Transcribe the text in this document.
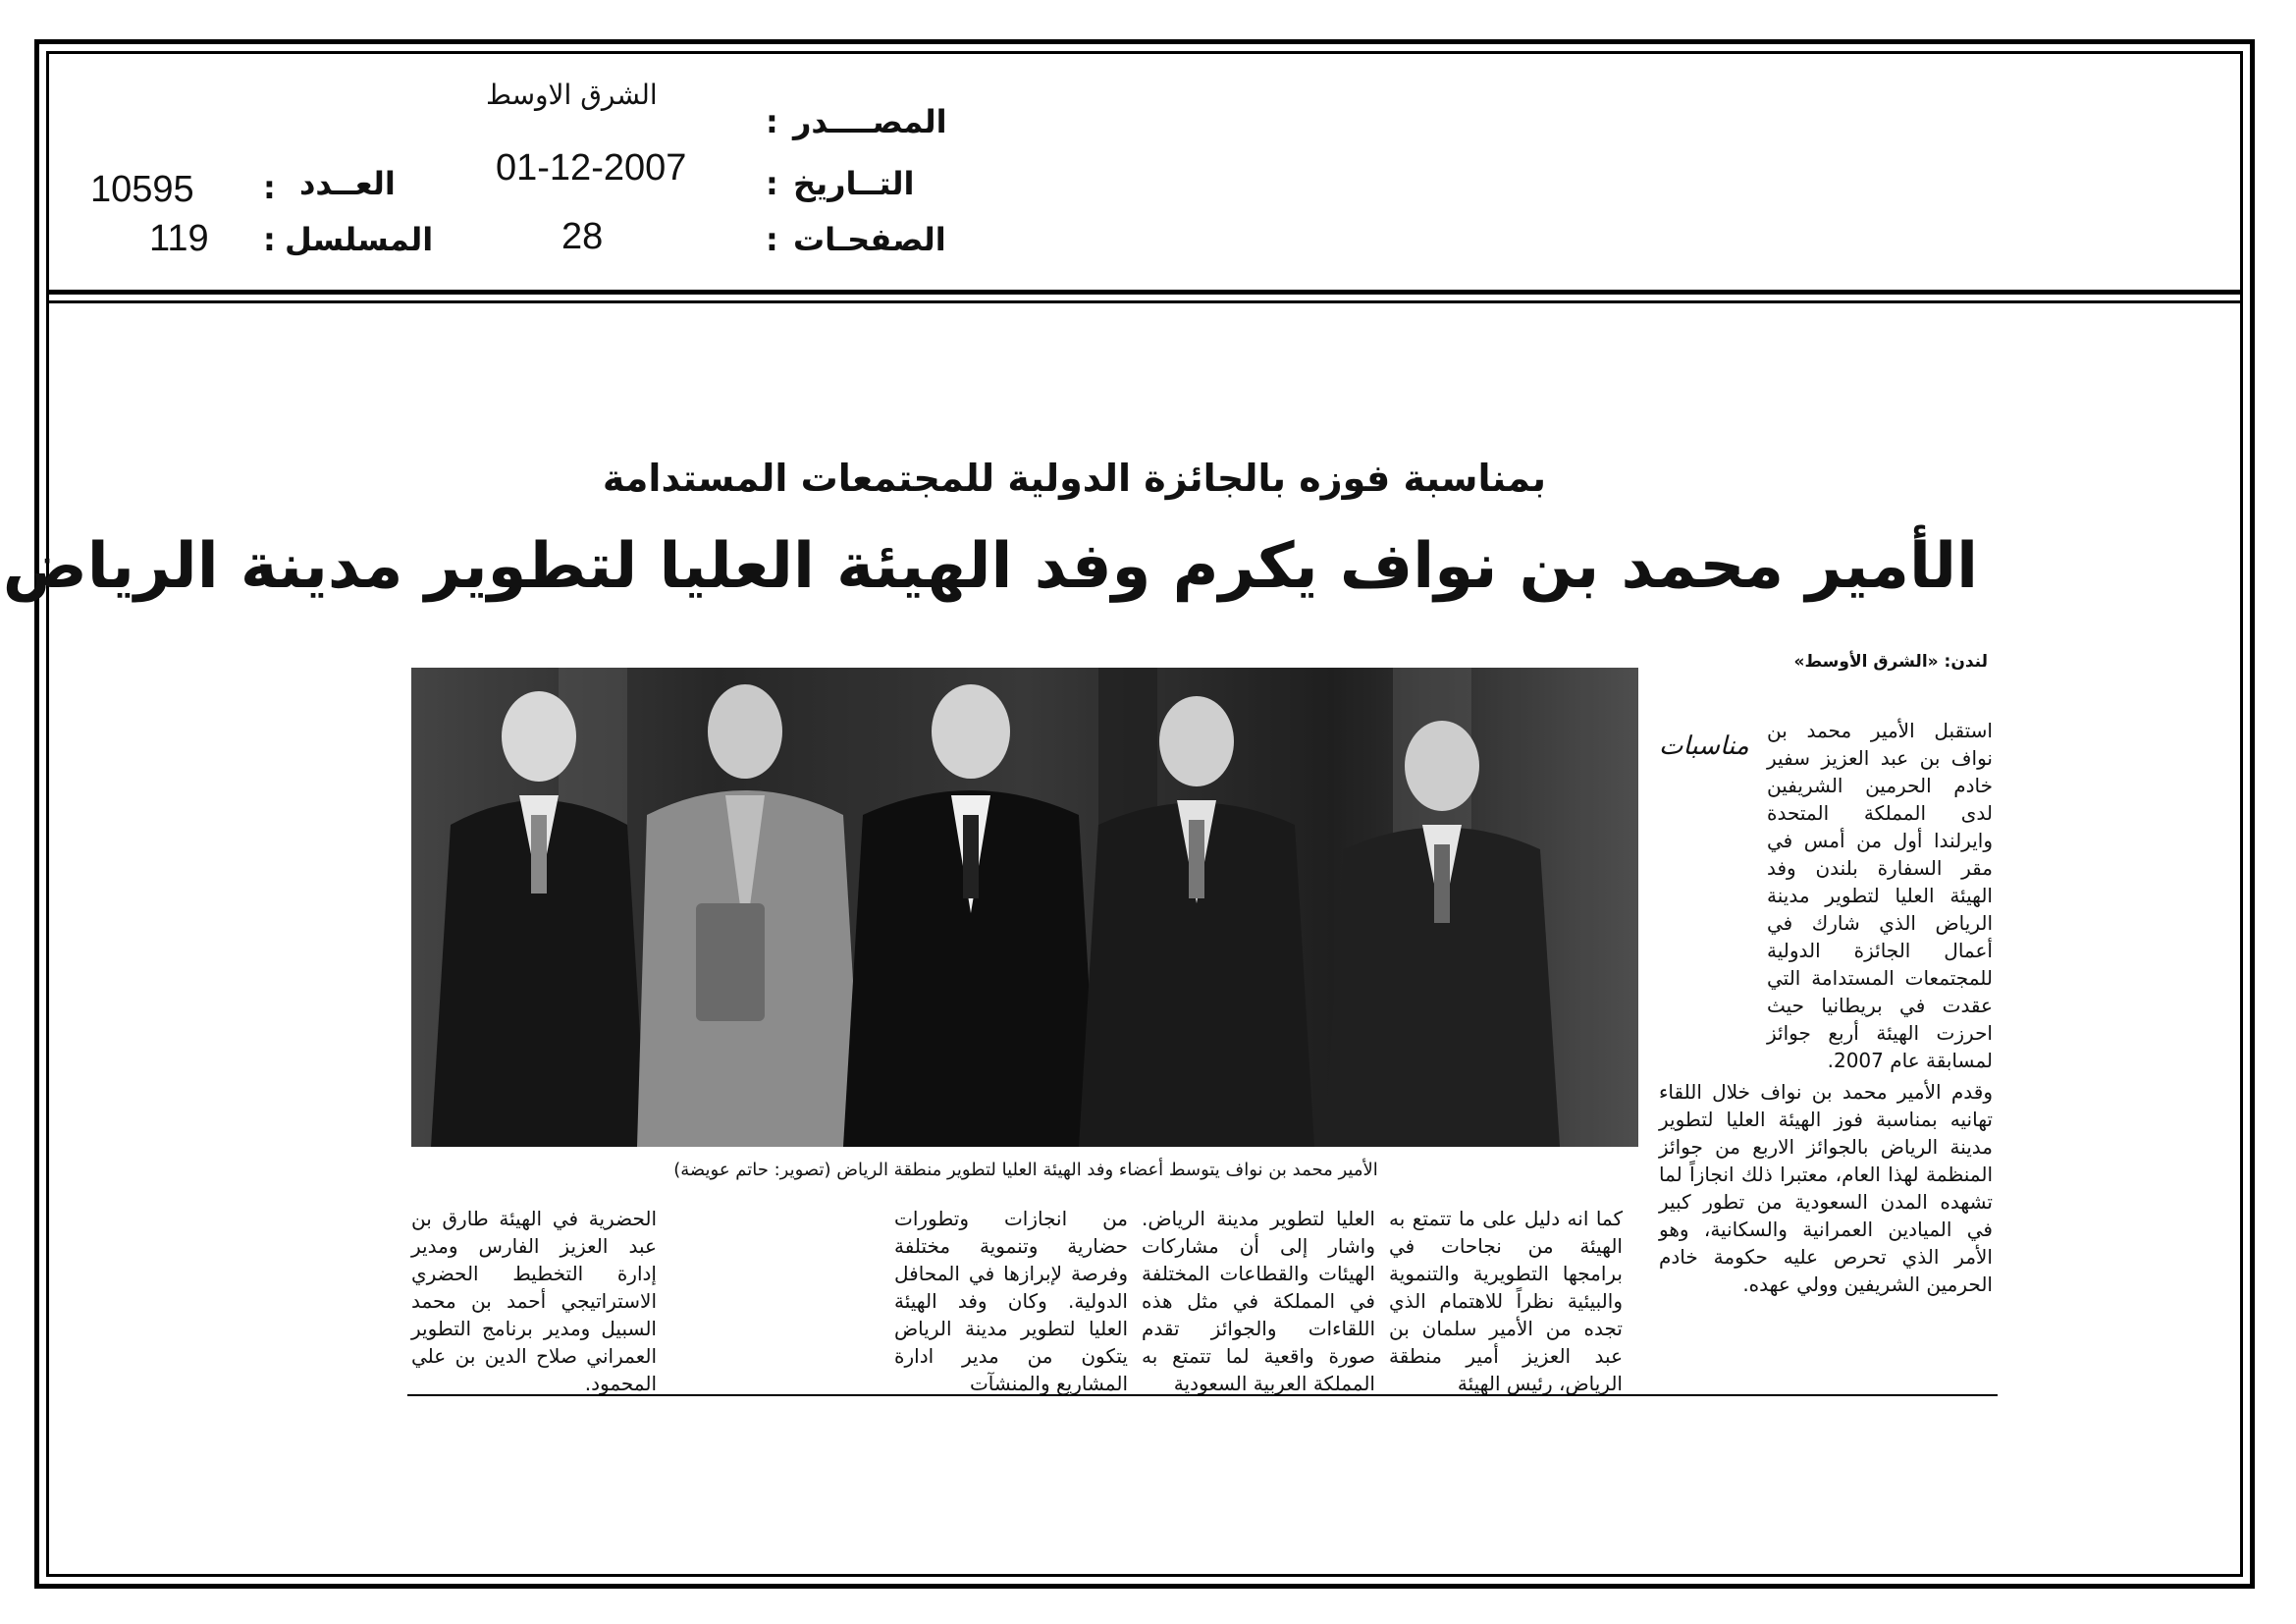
الشرق الاوسط
المصــــدر
:
01-12-2007	التــاريخ
:
28	الصفحـات
:
10595 : العــدد
119 : المسلسل
بمناسبة فوزه بالجائزة الدولية للمجتمعات المستدامة
الأمير محمد بن نواف يكرم وفد الهيئة العليا لتطوير مدينة الرياض
لندن: «الشرق الأوسط»
الأمير محمد بن نواف يتوسط أعضاء وفد الهيئة العليا لتطوير منطقة الرياض (تصوير: حاتم عويضة)
مناسبات

استقبل الأمير محمد بن نواف بن عبد العزيز سفير خادم الحرمين الشريفين لدى المملكة المتحدة وايرلندا أول من أمس في مقر السفارة بلندن وفد الهيئة العليا لتطوير مدينة الرياض الذي شارك في أعمال الجائزة الدولية للمجتمعات المستدامة التي عقدت في بريطانيا حيث احرزت الهيئة أربع جوائز لمسابقة عام 2007.

وقدم الأمير محمد بن نواف خلال اللقاء تهانيه بمناسبة فوز الهيئة العليا لتطوير مدينة الرياض بالجوائز الاربع من جوائز المنظمة لهذا العام، معتبرا ذلك انجازاً لما تشهده المدن السعودية من تطور كبير في الميادين العمرانية والسكانية، وهو الأمر الذي تحرص عليه حكومة خادم الحرمين الشريفين وولي عهده.

كما انه دليل على ما تتمتع به الهيئة من نجاحات في برامجها التطويرية والتنموية والبيئية نظراً للاهتمام الذي تجده من الأمير سلمان بن عبد العزيز أمير منطقة الرياض، رئيس الهيئة

العليا لتطوير مدينة الرياض. واشار إلى أن مشاركات الهيئات والقطاعات المختلفة في المملكة في مثل هذه اللقاءات والجوائز تقدم صورة واقعية لما تتمتع به المملكة العربية السعودية

من انجازات وتطورات حضارية وتنموية مختلفة وفرصة لإبرازها في المحافل الدولية. وكان وفد الهيئة العليا لتطوير مدينة الرياض يتكون من مدير ادارة المشاريع والمنشآت

الحضرية في الهيئة طارق بن عبد العزيز الفارس ومدير إدارة التخطيط الحضري الاستراتيجي أحمد بن محمد السبيل ومدير برنامج التطوير العمراني صلاح الدين بن علي المحمود.
